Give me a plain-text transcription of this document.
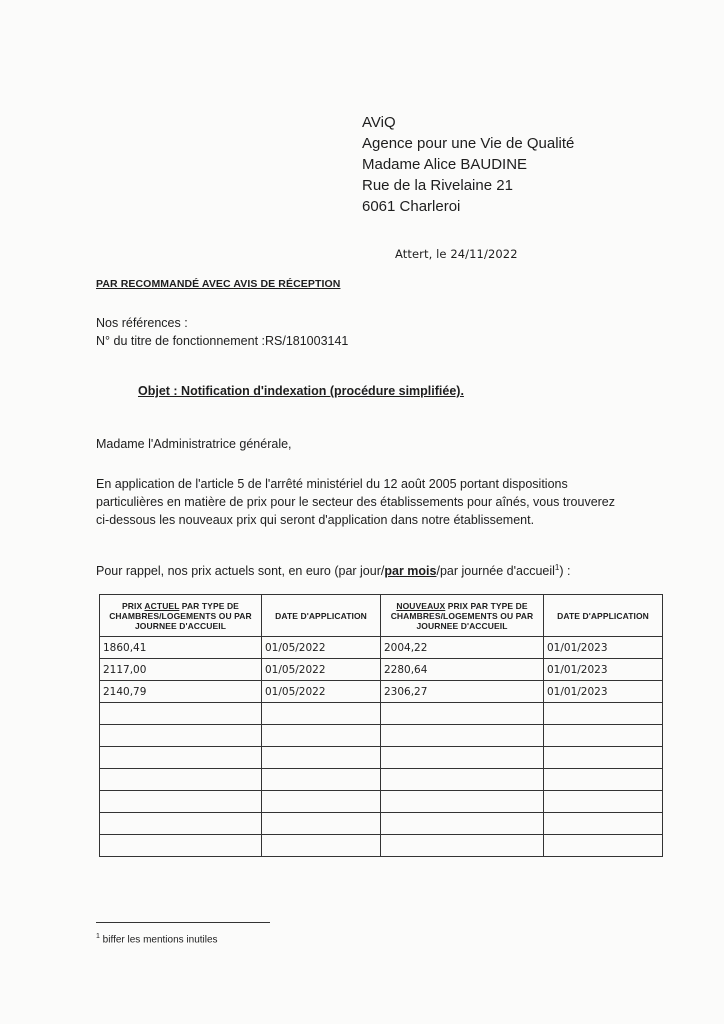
AViQ
Agence pour une Vie de Qualité
Madame Alice BAUDINE
Rue de la Rivelaine 21
6061 Charleroi
Attert, le 24/11/2022
PAR RECOMMANDÉ AVEC AVIS DE RÉCEPTION
Nos références :
N° du titre de fonctionnement :RS/181003141
Objet : Notification d'indexation (procédure simplifiée).
Madame l'Administratrice générale,
En application de l'article 5 de l'arrêté ministériel du 12 août 2005 portant dispositions
particulières en matière de prix pour le secteur des établissements pour aînés, vous trouverez
ci-dessous les nouveaux prix qui seront d'application dans notre établissement.
Pour rappel, nos prix actuels sont, en euro (par jour/par mois/par journée d'accueil$^1$) :
PRIX ACTUEL PAR TYPE DE CHAMBRES/LOGEMENTS OU PAR JOURNEE D'ACCUEIL	DATE D'APPLICATION	NOUVEAUX PRIX PAR TYPE DE CHAMBRES/LOGEMENTS OU PAR JOURNEE D'ACCUEIL	DATE D'APPLICATION
1860,41	01/05/2022	2004,22	01/01/2023
2117,00	01/05/2022	2280,64	01/01/2023
2140,79	01/05/2022	2306,27	01/01/2023

$^1$ biffer les mentions inutiles
